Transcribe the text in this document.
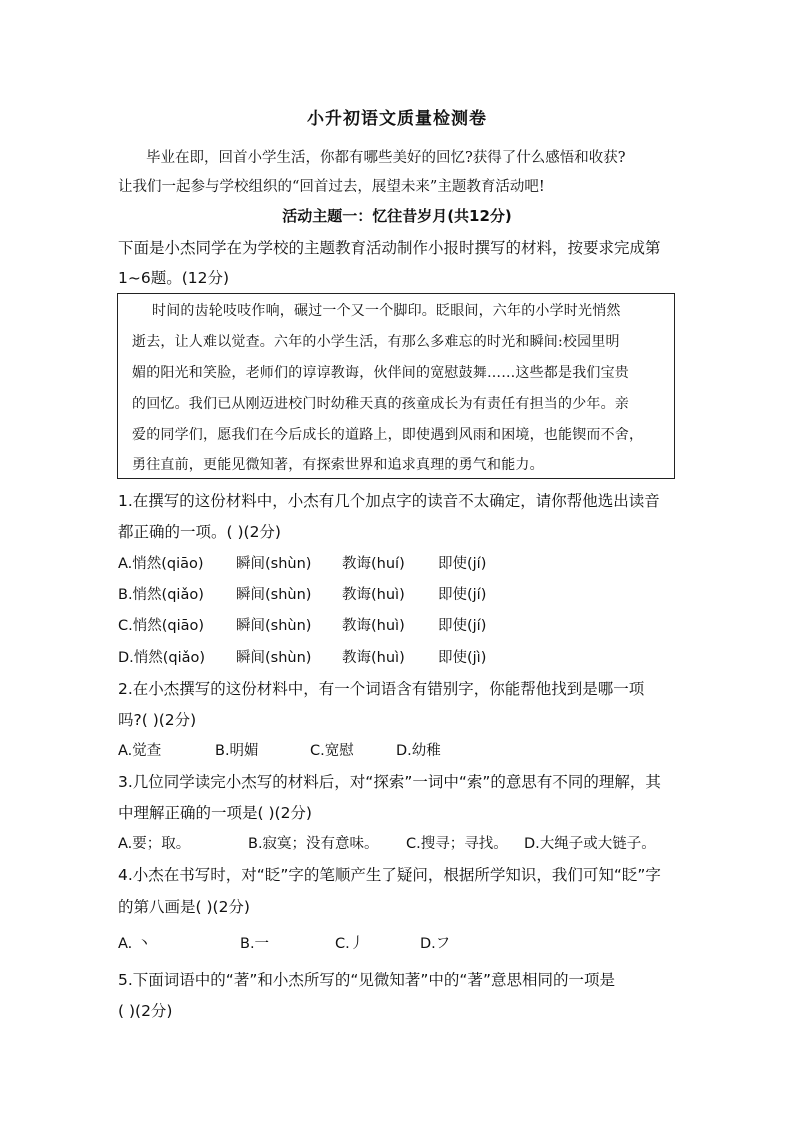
小升初语文质量检测卷
毕业在即，回首小学生活，你都有哪些美好的回忆?获得了什么感悟和收获?
让我们一起参与学校组织的“回首过去，展望未来”主题教育活动吧!
活动主题一：忆往昔岁月(共12分)
下面是小杰同学在为学校的主题教育活动制作小报时撰写的材料，按要求完成第
1~6题。(12分)
时间的齿轮吱吱作响，碾过一个又一个脚印。眨眼间，六年的小学时光悄然
逝去，让人难以觉查。六年的小学生活，有那么多难忘的时光和瞬间:校园里明
媚的阳光和笑脸，老师们的谆谆教诲，伙伴间的宽慰鼓舞……这些都是我们宝贵
的回忆。我们已从刚迈进校门时幼稚天真的孩童成长为有责任有担当的少年。亲
爱的同学们，愿我们在今后成长的道路上，即使遇到风雨和困境，也能锲而不舍，
勇往直前，更能见微知著，有探索世界和追求真理的勇气和能力。
1.在撰写的这份材料中，小杰有几个加点字的读音不太确定，请你帮他选出读音
都正确的一项。( )(2分)
A.悄然(qiāo) 瞬间(shùn) 教诲(huí) 即使(jí)
B.悄然(qiǎo) 瞬间(shùn) 教诲(huì) 即使(jí)
C.悄然(qiāo) 瞬间(shùn) 教诲(huì) 即使(jí)
D.悄然(qiǎo) 瞬间(shùn) 教诲(huì) 即使(jì)
2.在小杰撰写的这份材料中，有一个词语含有错别字，你能帮他找到是哪一项
吗?( )(2分)
A.觉查	B.明媚	C.宽慰	D.幼稚
3.几位同学读完小杰写的材料后，对“探索”一词中“索”的意思有不同的理解，其
中理解正确的一项是( )(2分)
A.要；取。	B.寂寞；没有意味。 C.搜寻；寻找。 D.大绳子或大链子。
4.小杰在书写时，对“眨”字的笔顺产生了疑问，根据所学知识，我们可知“眨”字
的第八画是( )(2分)
A. 丶	B.一	C.丿	D.フ
5.下面词语中的“著”和小杰所写的“见微知著”中的“著”意思相同的一项是
( )(2分)
